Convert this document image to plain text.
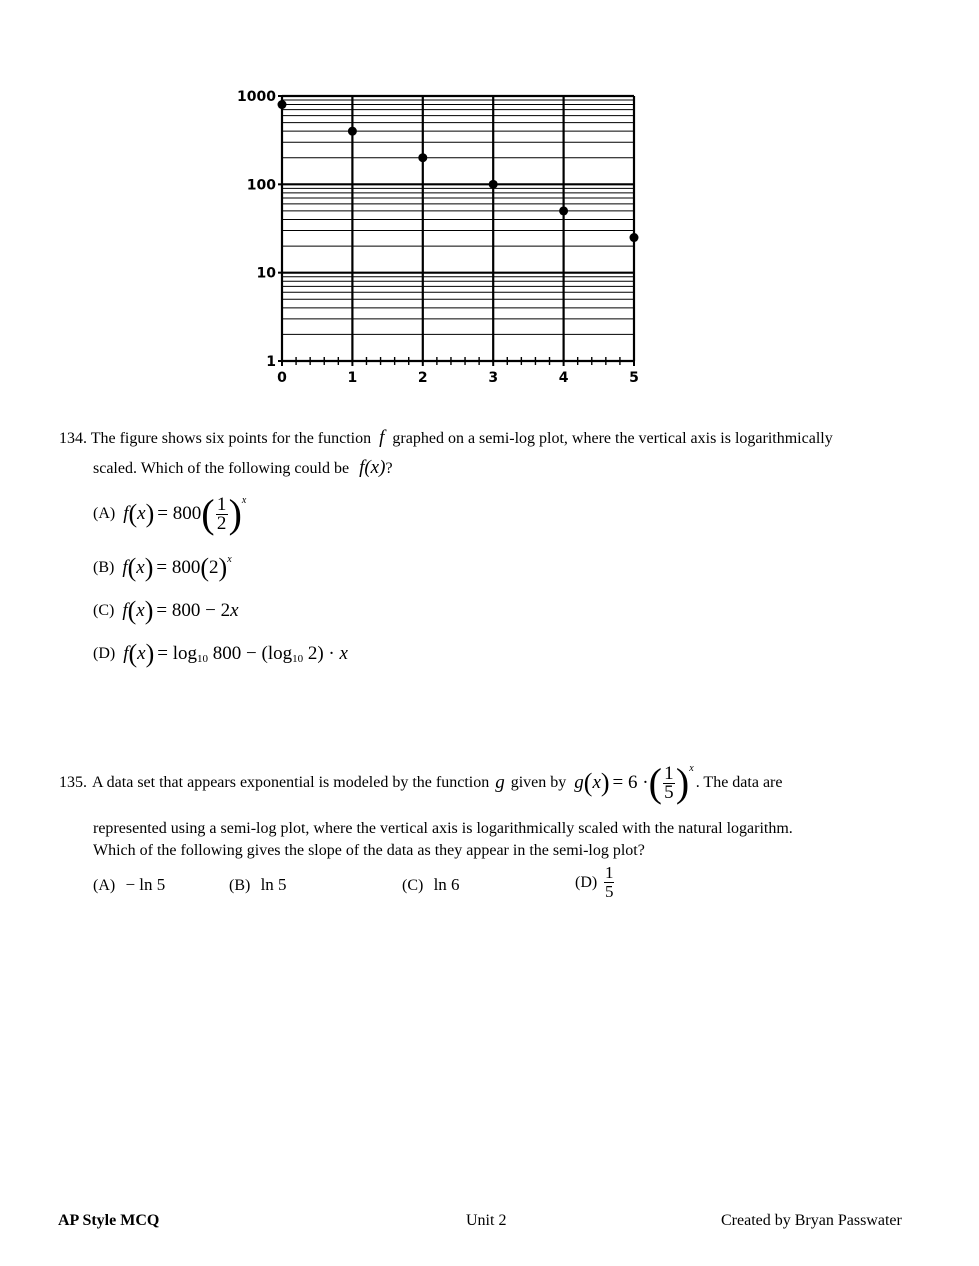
1
10
100
1000
0	1	2	3	4	5
134. The figure shows six points for the function f graphed on a semi-log plot, where the vertical axis is logarithmically
scaled. Which of the following could be f(x)?
(A) f ( x ) = 800 ( $\frac{1}{2}$ ) x
(B) f ( x ) = 800 ( 2 ) x
(C) f ( x ) = 800 − 2 x
(D) f ( x ) = log 10 800 − (log 10 2) · x
135. A data set that appears exponential is modeled by the function g given by g ( x ) = 6 · ( $\frac{1}{5}$ ) x
. The data are
represented using a semi-log plot, where the vertical axis is logarithmically scaled with the natural logarithm.
Which of the following gives the slope of the data as they appear in the semi-log plot?
(A) − ln 5	(B) ln 5	(C) ln 6	$(D) \frac{1}{5}$
AP Style MCQ	Unit 2	Created by Bryan Passwater
